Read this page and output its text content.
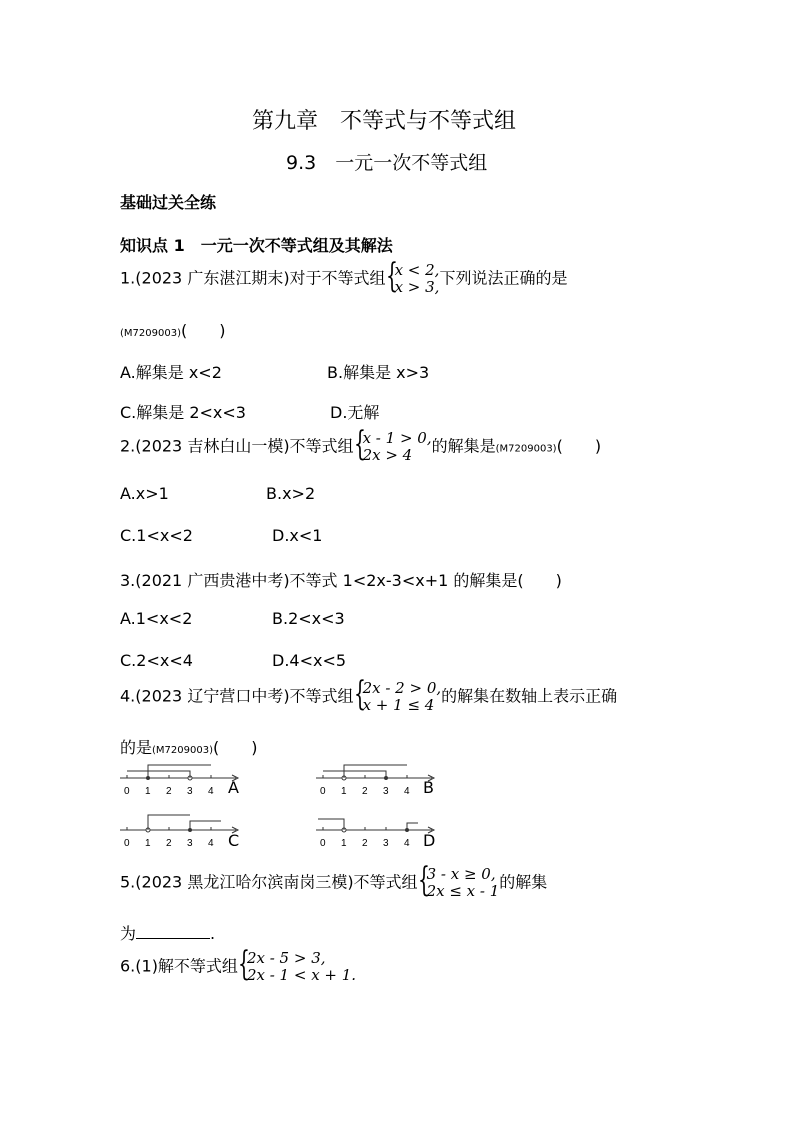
第九章　不等式与不等式组
9.3　一元一次不等式组
基础过关全练
知识点 1　一元一次不等式组及其解法
1.(2023 广东湛江期末)对于不等式组 {
x < 2,
x > 3, 下列说法正确的是
(M7209003)(　　)
A.解集是 x<2	B.解集是 x>3
C.解集是 2<x<3	D.无解
2.(2023 吉林白山一模)不等式组 {
x - 1 > 0,
2x > 4	的解集是(M7209003)(　　)
A.x>1	B.x>2
C.1<x<2	D.x<1
3.(2021 广西贵港中考)不等式 1<2x-3<x+1 的解集是(　　)
A.1<x<2	B.2<x<3
C.2<x<4	D.4<x<5
4.(2023 辽宁营口中考)不等式组 {
2x - 2 > 0,
x + 1 ≤ 4 的解集在数轴上表示正确
的是(M7209003)(　　)
0 1 2 3 4 A	0 1 2 3 4 B
0 1 2 3 4 C	0 1 2 3 4 D
5.(2023 黑龙江哈尔滨南岗三模)不等式组 {
3 - x ≥ 0,
2x ≤ x - 1 的解集
为	.
6.(1)解不等式组 {
2x - 5 > 3,
2x - 1 < x + 1.
